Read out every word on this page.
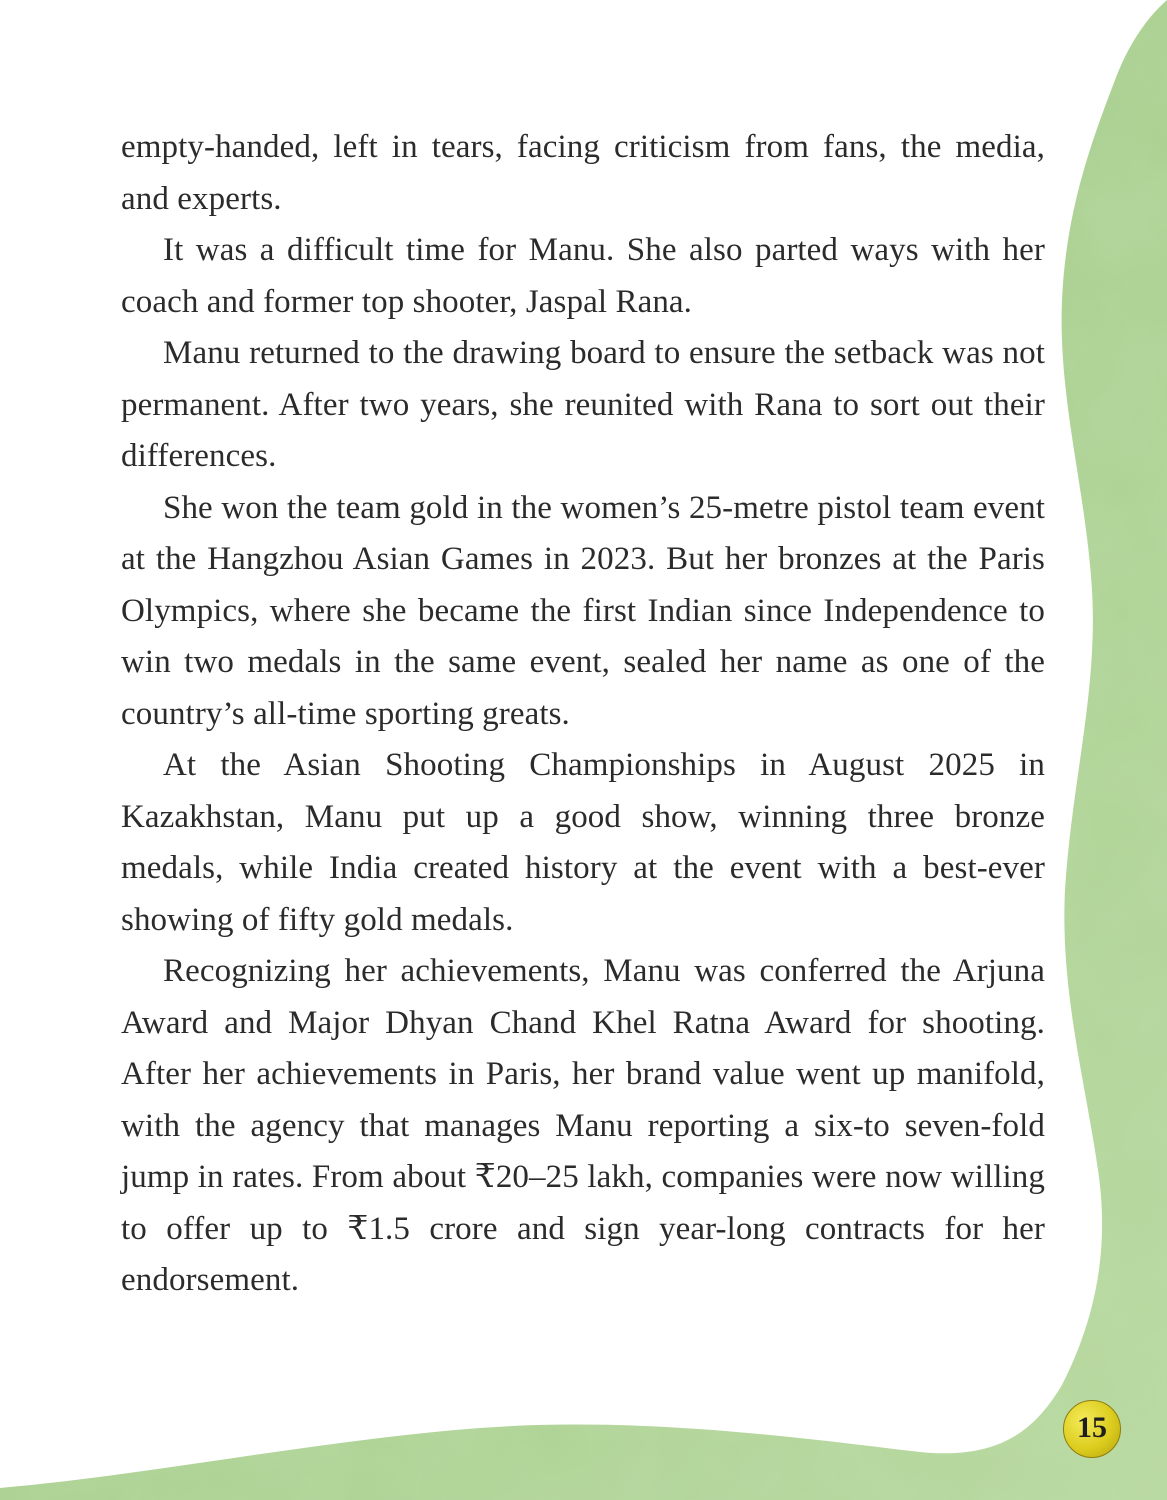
empty-handed, left in tears, facing criticism from fans, the media, and experts.

It was a difficult time for Manu. She also parted ways with her coach and former top shooter, Jaspal Rana.

Manu returned to the drawing board to ensure the setback was not permanent. After two years, she reunited with Rana to sort out their differences.

She won the team gold in the women’s 25-metre pistol team event at the Hangzhou Asian Games in 2023. But her bronzes at the Paris Olympics, where she became the first Indian since Independence to win two medals in the same event, sealed her name as one of the country’s all-time sporting greats.

At the Asian Shooting Championships in August 2025 in Kazakhstan, Manu put up a good show, winning three bronze medals, while India created history at the event with a best-ever showing of fifty gold medals.

Recognizing her achievements, Manu was conferred the Arjuna Award and Major Dhyan Chand Khel Ratna Award for shooting. After her achievements in Paris, her brand value went up manifold, with the agency that manages Manu reporting a six-to seven-fold jump in rates. From about ₹20–25 lakh, companies were now willing to offer up to ₹1.5 crore and sign year-long contracts for her endorsement.

15
